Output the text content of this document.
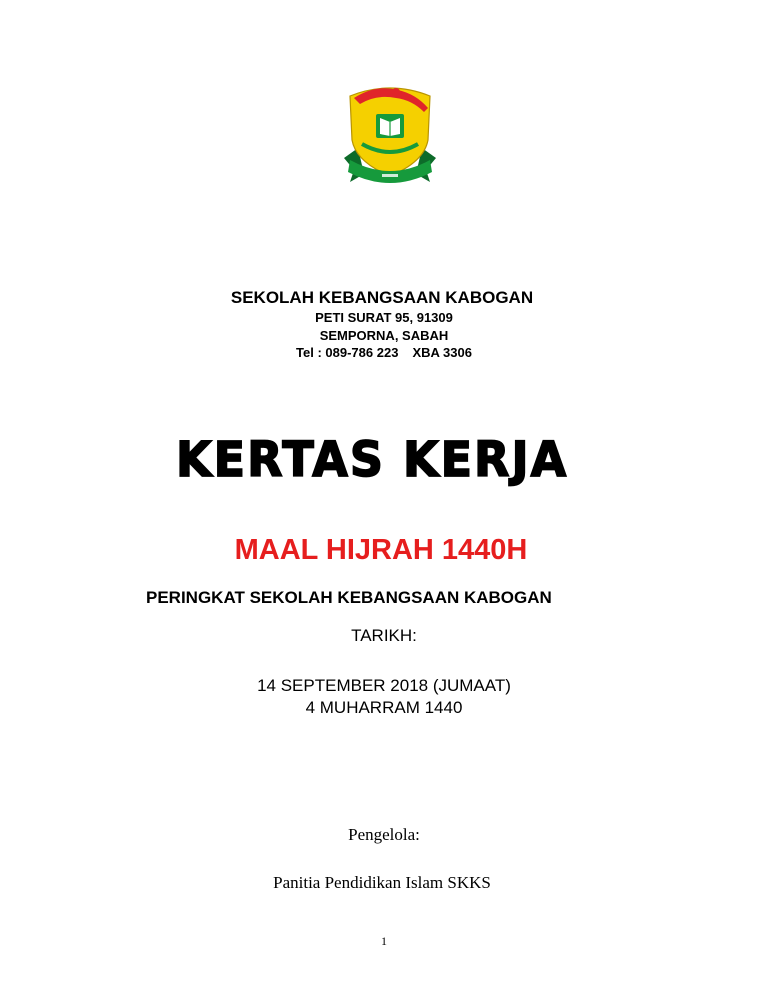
SEKOLAH KEBANGSAAN KABOGAN
PETI SURAT 95, 91309
SEMPORNA, SABAH
Tel : 089-786 223 XBA 3306
KERTAS KERJA
MAAL HIJRAH 1440H
PERINGKAT SEKOLAH KEBANGSAAN KABOGAN
TARIKH:
14 SEPTEMBER 2018 (JUMAAT)
4 MUHARRAM 1440
Pengelola:
Panitia Pendidikan Islam SKKS
1
